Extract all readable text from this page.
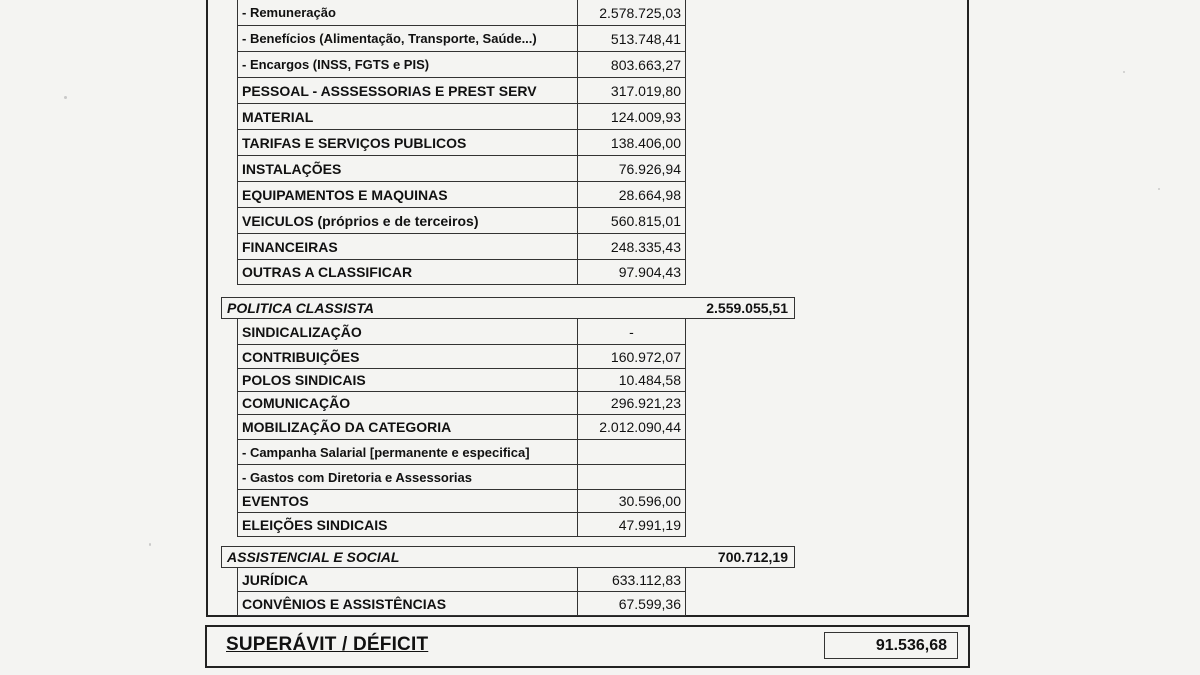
- Remuneração	2.578.725,03
- Benefícios (Alimentação, Transporte, Saúde...)	513.748,41
- Encargos (INSS, FGTS e PIS)	803.663,27
PESSOAL - ASSSESSORIAS E PREST SERV	317.019,80
MATERIAL	124.009,93
TARIFAS E SERVIÇOS PUBLICOS	138.406,00
INSTALAÇÕES	76.926,94
EQUIPAMENTOS E MAQUINAS	28.664,98
VEICULOS (próprios e de terceiros)	560.815,01
FINANCEIRAS	248.335,43
OUTRAS A CLASSIFICAR	97.904,43
POLITICA CLASSISTA	2.559.055,51
SINDICALIZAÇÃO	-
CONTRIBUIÇÕES	160.972,07
POLOS SINDICAIS	10.484,58
COMUNICAÇÃO	296.921,23
MOBILIZAÇÃO DA CATEGORIA	2.012.090,44
- Campanha Salarial [permanente e especifica]
- Gastos com Diretoria e Assessorias
EVENTOS	30.596,00
ELEIÇÕES SINDICAIS	47.991,19
ASSISTENCIAL E SOCIAL	700.712,19
JURÍDICA	633.112,83
CONVÊNIOS E ASSISTÊNCIAS	67.599,36
SUPERÁVIT / DÉFICIT	91.536,68
